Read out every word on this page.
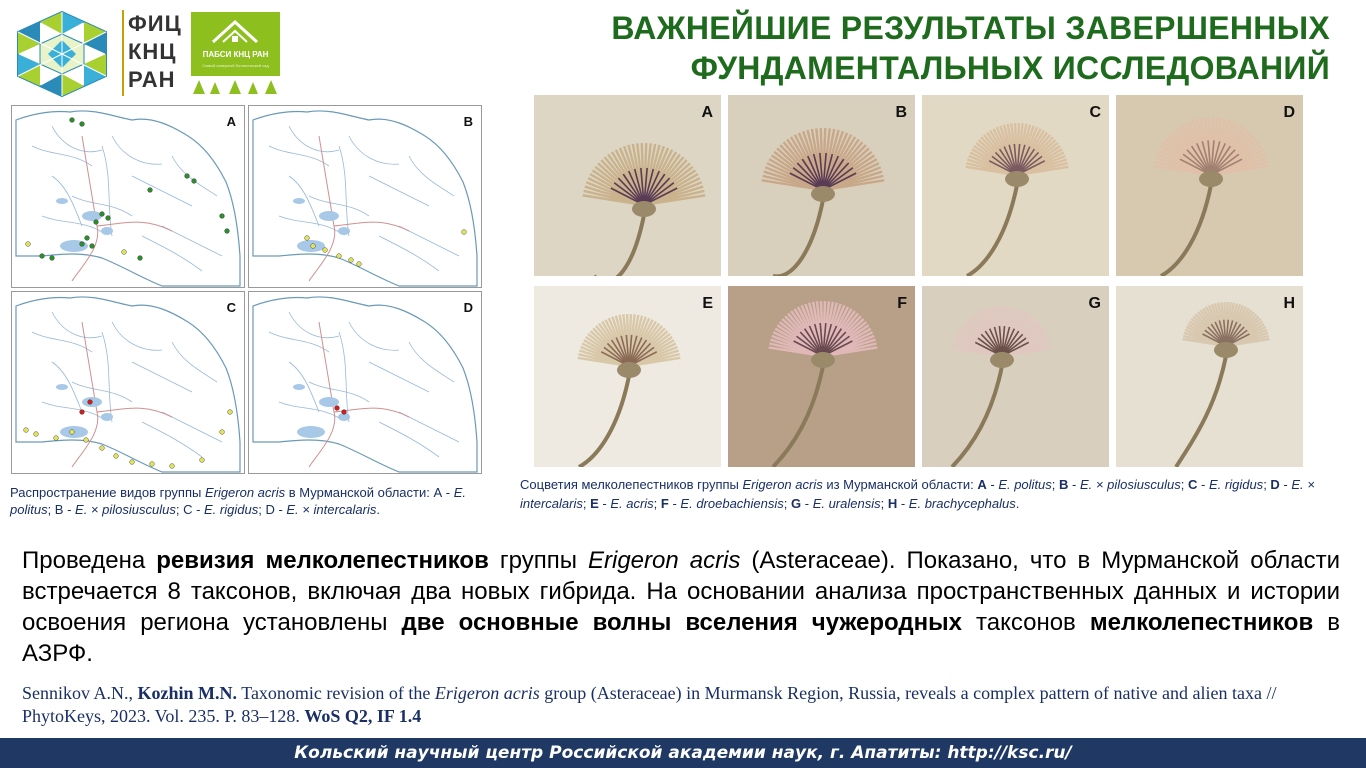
ФИЦ
КНЦ
РАН
ПАБСИ КНЦ РАН
Самый северный ботанический сад
ВАЖНЕЙШИЕ РЕЗУЛЬТАТЫ ЗАВЕРШЕННЫХ
ФУНДАМЕНТАЛЬНЫХ ИССЛЕДОВАНИЙ
A	B
C	D
Распространение видов группы Erigeron acris в Мурманской области: А - E. politus; В - E. × pilosiusculus; С - E. rigidus; D - E. × intercalaris.
A	B	C	D
E	F	G	H
Соцветия мелколепестников группы Erigeron acris из Мурманской области: A - E. politus; B - E. × pilosiusculus; C - E. rigidus; D - E. × intercalaris; E - E. acris; F - E. droebachiensis; G - E. uralensis; H - E. brachycephalus.
Проведена ревизия мелколепестников группы Erigeron acris (Asteraceae). Показано, что в Мурманской области встречается 8 таксонов, включая два новых гибрида. На основании анализа пространственных данных и истории освоения региона установлены две основные волны вселения чужеродных таксонов мелколепестников в АЗРФ.
Sennikov A.N., Kozhin M.N. Taxonomic revision of the Erigeron acris group (Asteraceae) in Murmansk Region, Russia, reveals a complex pattern of native and alien taxa // PhytoKeys, 2023. Vol. 235. P. 83–128. WoS Q2, IF 1.4
Кольский научный центр Российской академии наук, г. Апатиты: http://ksc.ru/
